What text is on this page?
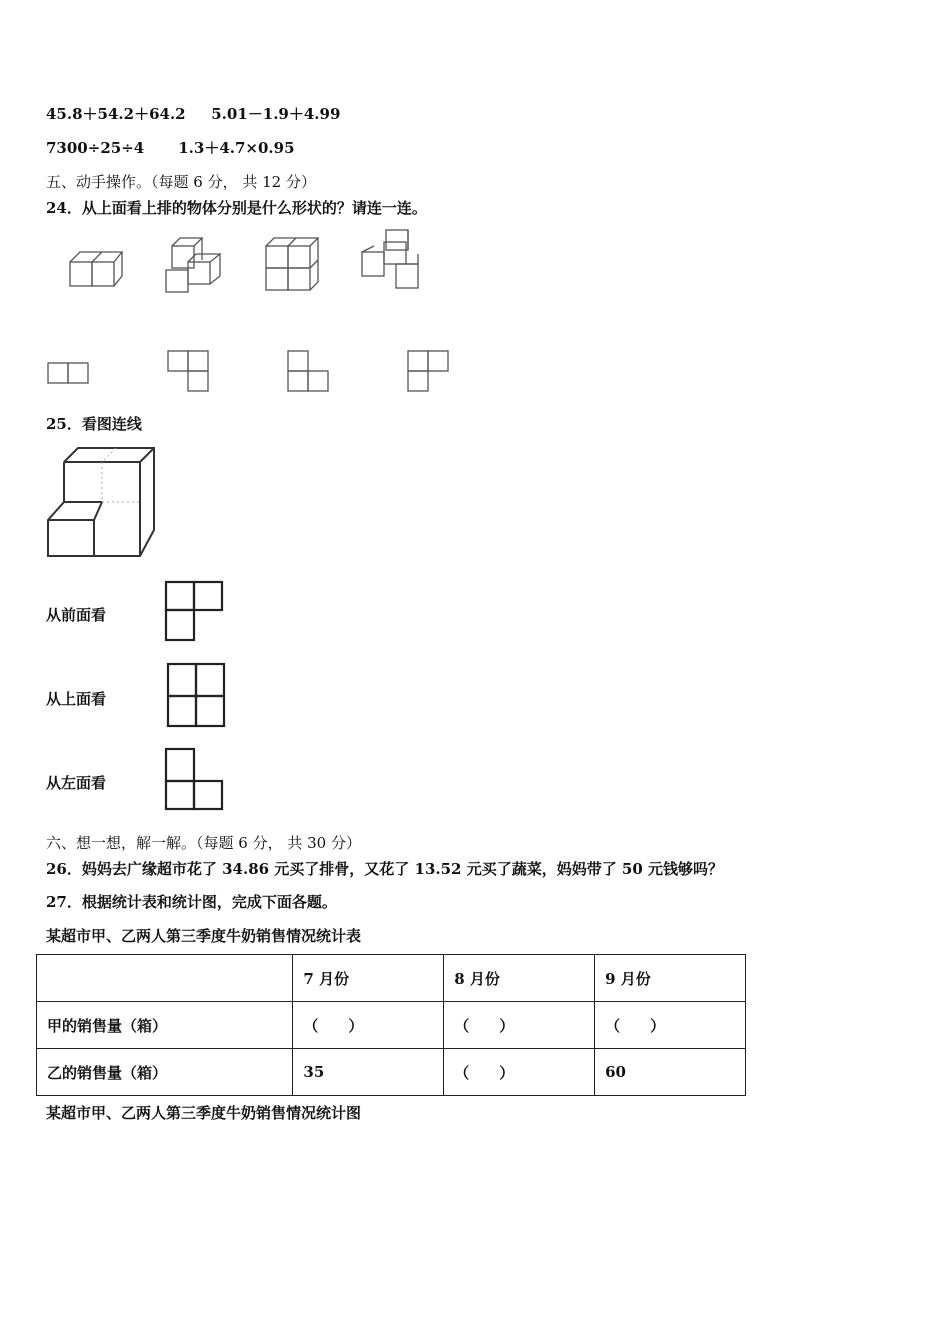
45.8＋54.2＋64.2 5.01－1.9＋4.99
7300÷25÷4 1.3＋4.7×0.95
五、动手操作。（每题 6 分， 共 12 分）
24．从上面看上排的物体分别是什么形状的？请连一连。
25．看图连线
从前面看
从上面看
从左面看
六、想一想，解一解。（每题 6 分， 共 30 分）
26．妈妈去广缘超市花了 34.86 元买了排骨，又花了 13.52 元买了蔬菜，妈妈带了 50 元钱够吗？
27．根据统计表和统计图，完成下面各题。
某超市甲、乙两人第三季度牛奶销售情况统计表
	7 月份	8 月份	9 月份
甲的销售量（箱）	（　　）	（　　）	（　　）
乙的销售量（箱）	35	（　　）	60
某超市甲、乙两人第三季度牛奶销售情况统计图
